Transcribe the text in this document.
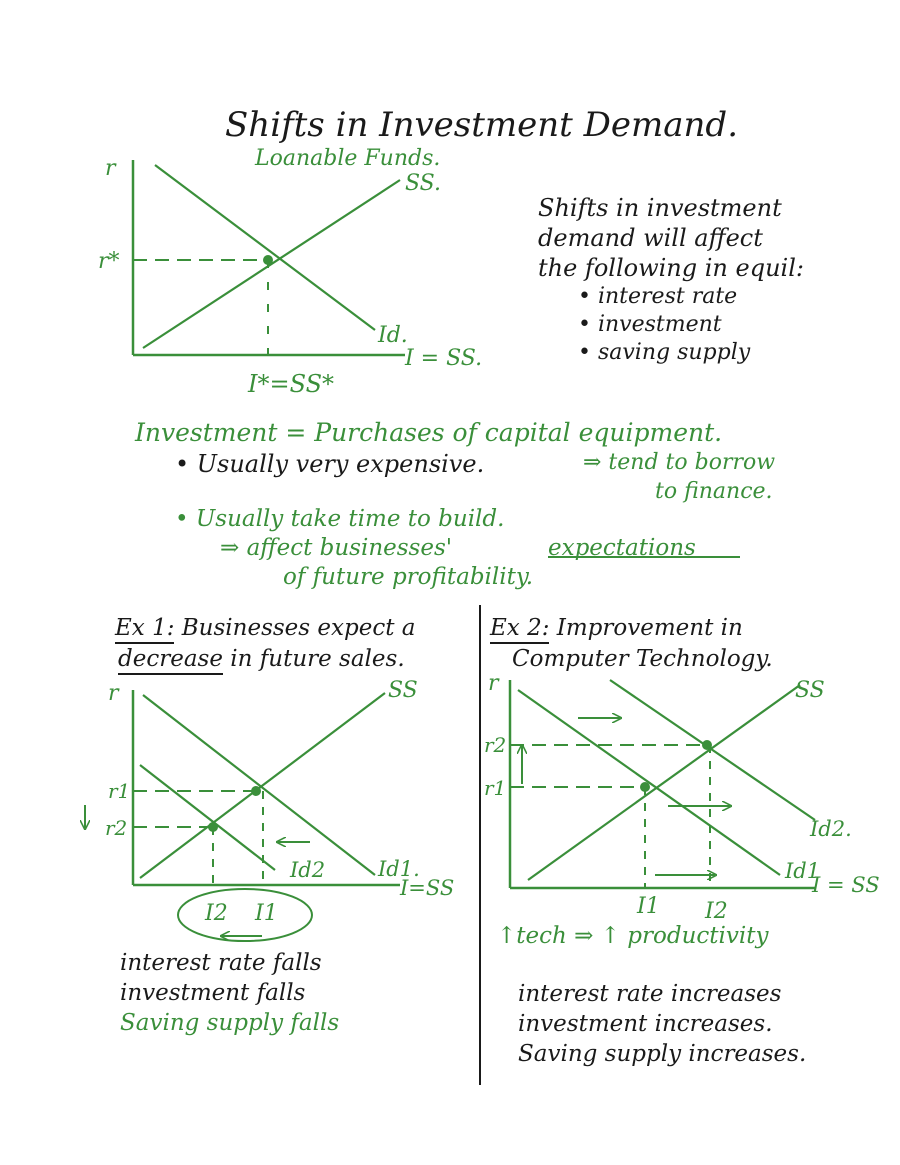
Shifts in Investment Demand.
Loanable Funds.
r
r*
SS.
Id.
I = SS.
I*=SS*
r
r1
r2
SS
Id1.
Id2
I=SS
I2 I1
r
r2
r1
SS
Id2.
Id1
I = SS
I1 I2
Shifts in investment
demand will affect
the following in equil:
• interest rate
• investment
• saving supply
Investment = Purchases of capital equipment.
• Usually very expensive.	⇒ tend to borrow
to finance.
• Usually take time to build.
⇒ affect businesses'	expectations
of future profitability.
Ex 1: Businesses expect a
decrease in future sales.
interest rate falls
investment falls
Saving supply falls
Ex 2: Improvement in
Computer Technology.
↑tech ⇒ ↑ productivity
interest rate increases
investment increases.
Saving supply increases.
